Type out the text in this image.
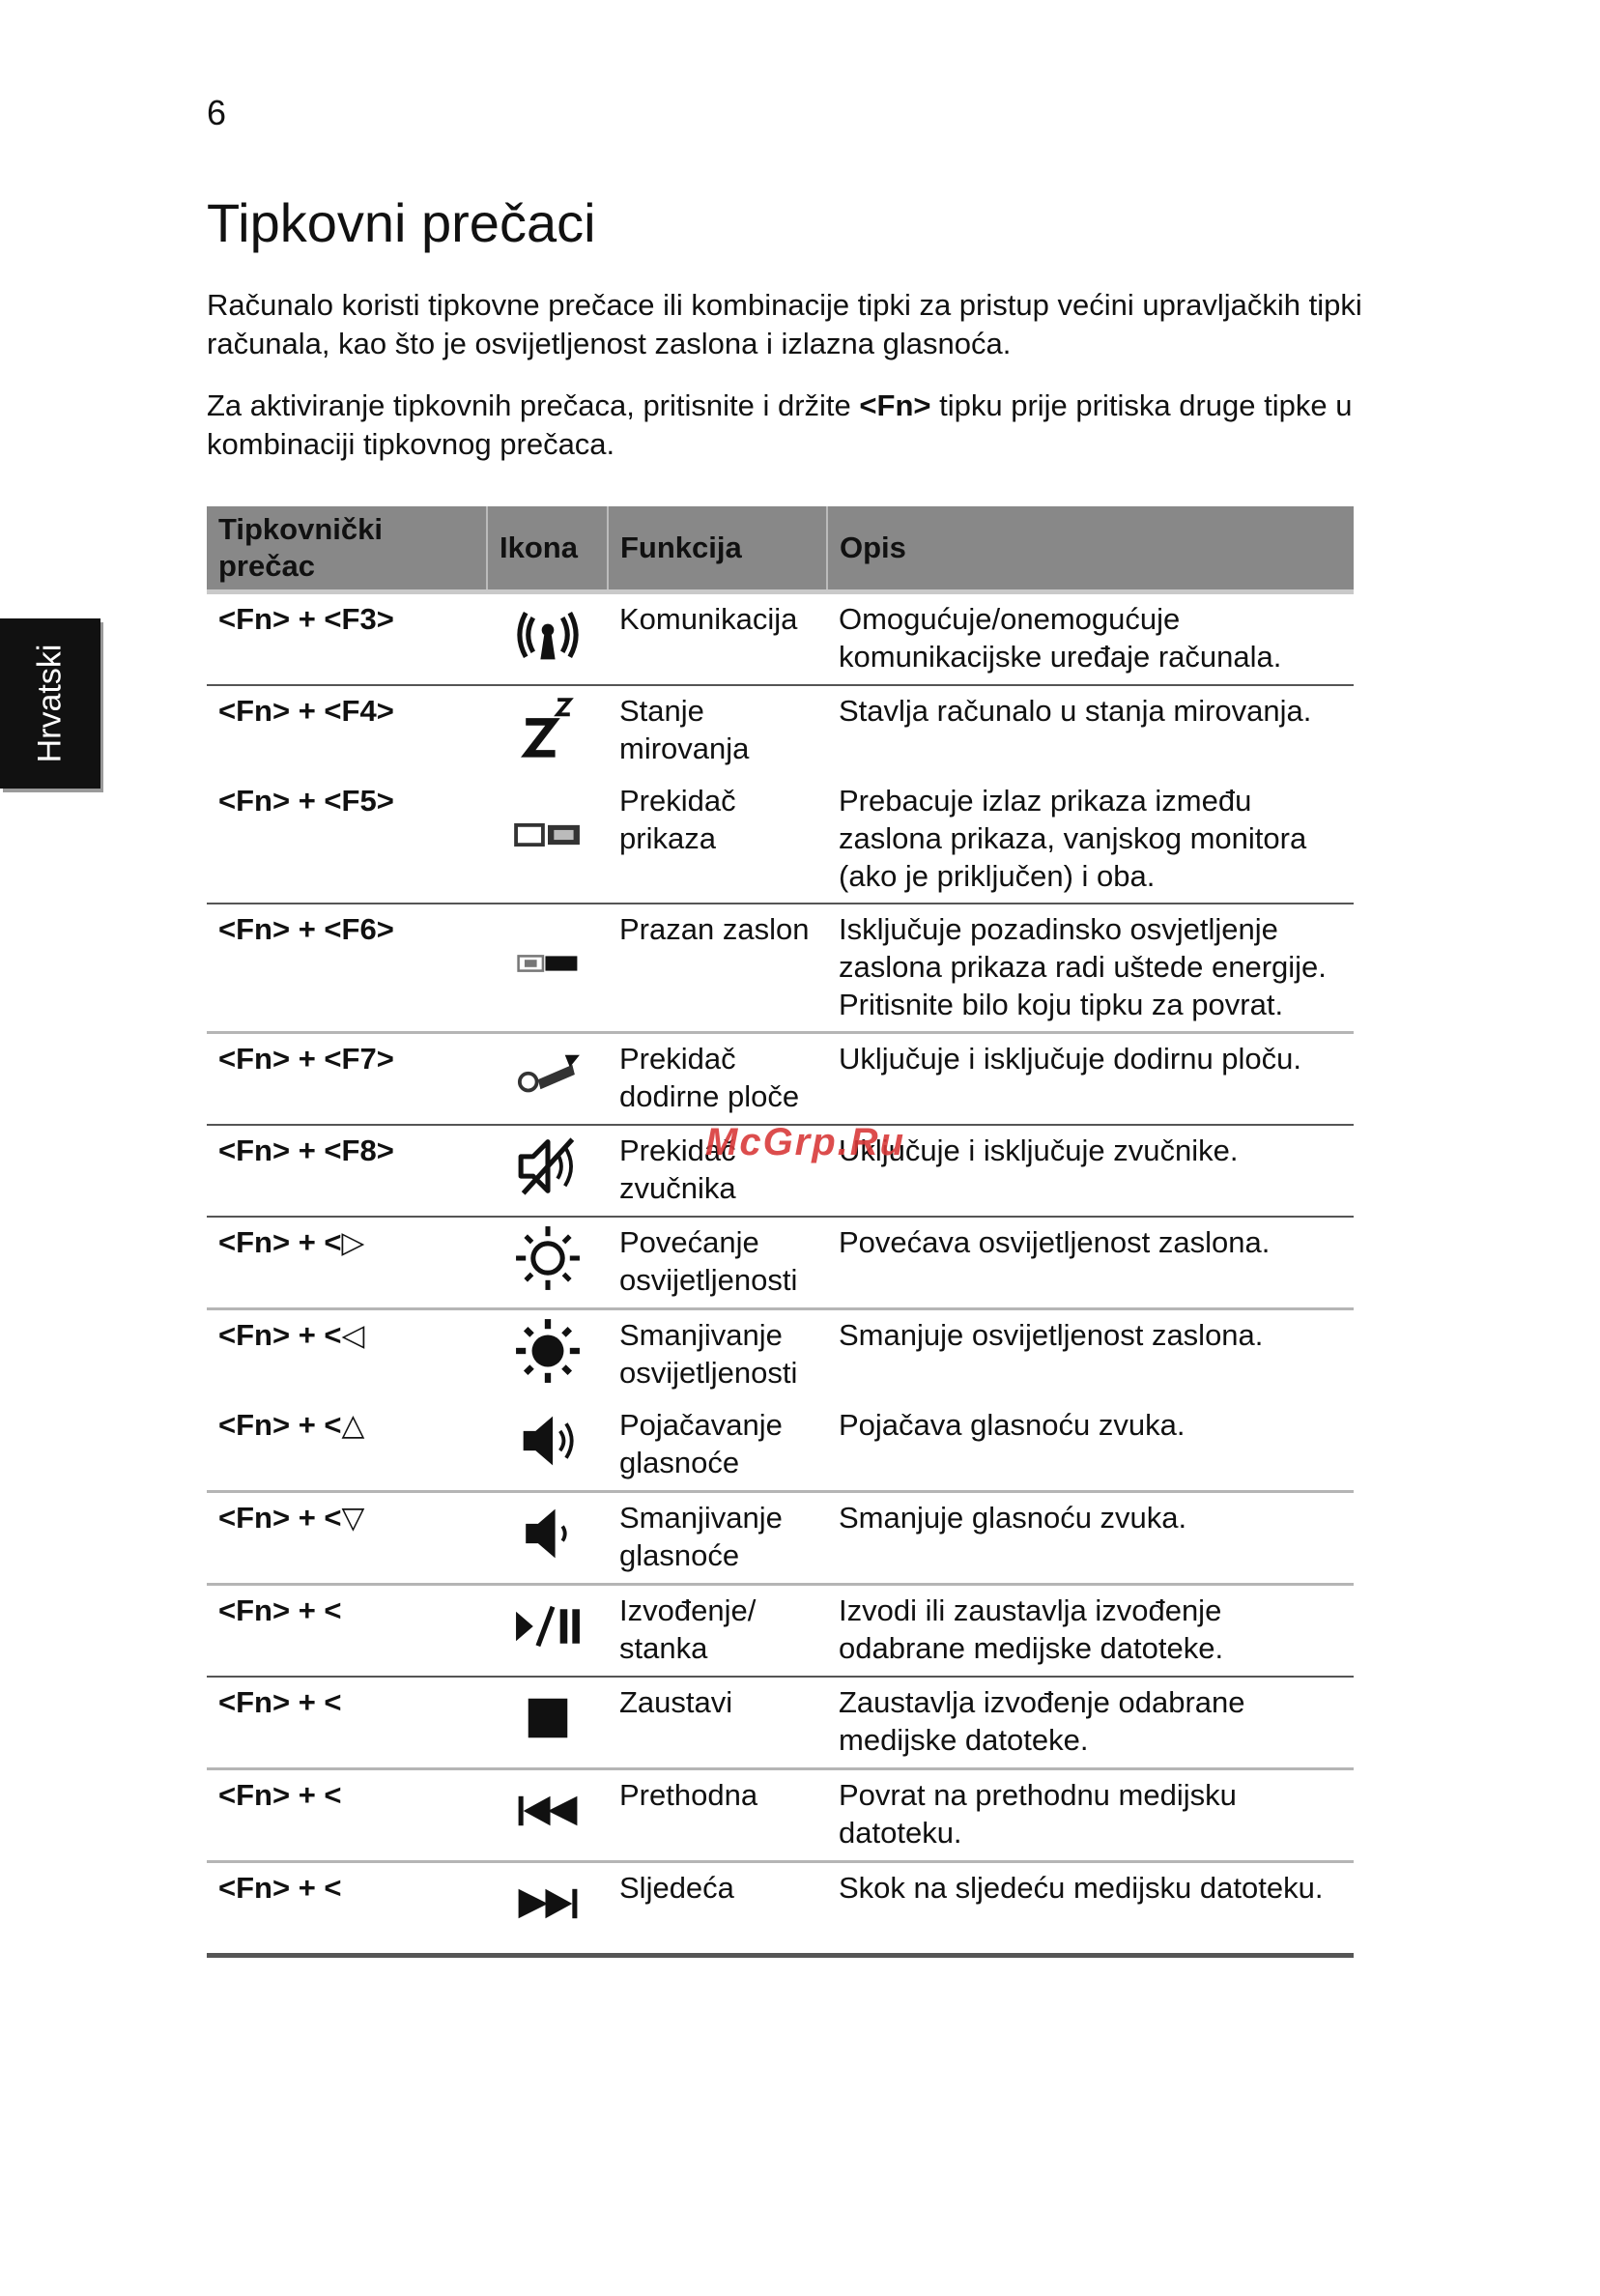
6
Hrvatski
Tipkovni prečaci

Računalo koristi tipkovne prečace ili kombinacije tipki za pristup većini upravljačkih tipki računala, kao što je osvijetljenost zaslona i izlazna glasnoća.

Za aktiviranje tipkovnih prečaca, pritisnite i držite <Fn> tipku prije pritiska druge tipke u kombinaciji tipkovnog prečaca.

Tipkovnički prečac	Ikona	Funkcija	Opis
<Fn> + <F3>		Komunikacija	Omogućuje/onemogućuje komunikacijske uređaje računala.
<Fn> + <F4>		Stanje mirovanja	Stavlja računalo u stanja mirovanja.
<Fn> + <F5>		Prekidač prikaza	Prebacuje izlaz prikaza između zaslona prikaza, vanjskog monitora (ako je priključen) i oba.
<Fn> + <F6>		Prazan zaslon	Isključuje pozadinsko osvjetljenje zaslona prikaza radi uštede energije. Pritisnite bilo koju tipku za povrat.
<Fn> + <F7>		Prekidač dodirne ploče	Uključuje i isključuje dodirnu ploču.
<Fn> + <F8>		Prekidač zvučnika	Uključuje i isključuje zvučnike.
<Fn> + <▷		Povećanje osvijetljenosti	Povećava osvijetljenost zaslona.
<Fn> + <◁		Smanjivanje osvijetljenosti	Smanjuje osvijetljenost zaslona.
<Fn> + <△		Pojačavanje glasnoće	Pojačava glasnoću zvuka.
<Fn> + <▽		Smanjivanje glasnoće	Smanjuje glasnoću zvuka.
<Fn> + <		Izvođenje/ stanka	Izvodi ili zaustavlja izvođenje odabrane medijske datoteke.
<Fn> + <		Zaustavi	Zaustavlja izvođenje odabrane medijske datoteke.
<Fn> + <		Prethodna	Povrat na prethodnu medijsku datoteku.
<Fn> + <		Sljedeća	Skok na sljedeću medijsku datoteku.
McGrp.Ru
